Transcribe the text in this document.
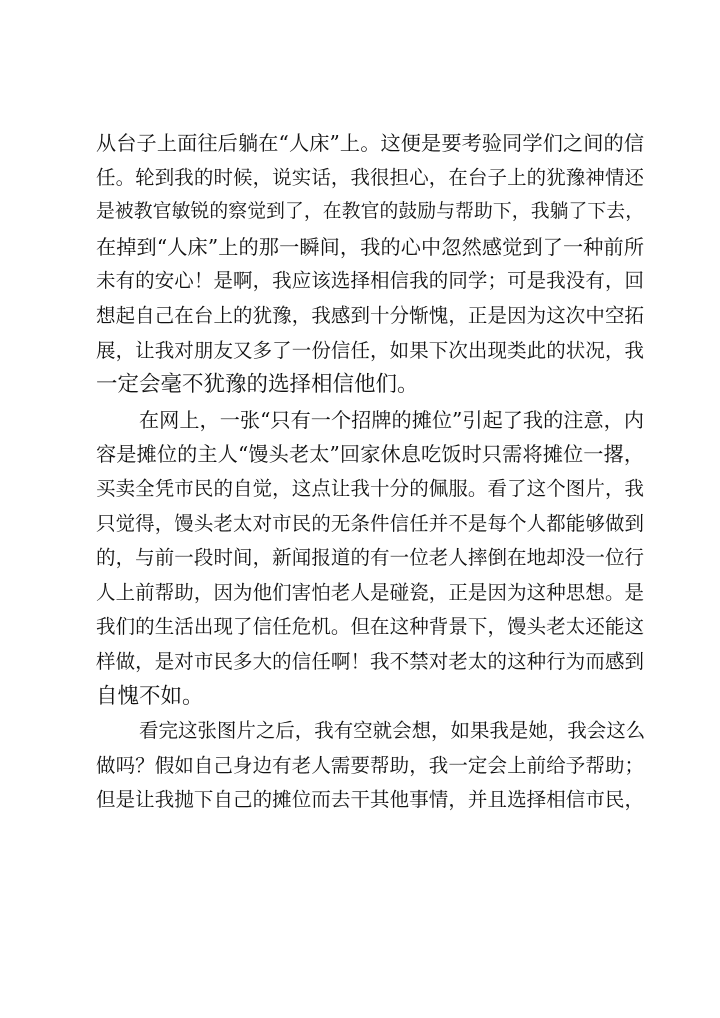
从台子上面往后躺在“人床”上。这便是要考验同学们之间的信
任。轮到我的时候，说实话，我很担心，在台子上的犹豫神情还
是被教官敏锐的察觉到了，在教官的鼓励与帮助下，我躺了下去，
在掉到“人床”上的那一瞬间，我的心中忽然感觉到了一种前所
未有的安心！是啊，我应该选择相信我的同学；可是我没有，回
想起自己在台上的犹豫，我感到十分惭愧，正是因为这次中空拓
展，让我对朋友又多了一份信任，如果下次出现类此的状况，我
一定会毫不犹豫的选择相信他们。
在网上，一张“只有一个招牌的摊位”引起了我的注意，内
容是摊位的主人“馒头老太”回家休息吃饭时只需将摊位一撂，
买卖全凭市民的自觉，这点让我十分的佩服。看了这个图片，我
只觉得，馒头老太对市民的无条件信任并不是每个人都能够做到
的，与前一段时间，新闻报道的有一位老人摔倒在地却没一位行
人上前帮助，因为他们害怕老人是碰瓷，正是因为这种思想。是
我们的生活出现了信任危机。但在这种背景下，馒头老太还能这
样做，是对市民多大的信任啊！我不禁对老太的这种行为而感到
自愧不如。
看完这张图片之后，我有空就会想，如果我是她，我会这么
做吗？假如自己身边有老人需要帮助，我一定会上前给予帮助；
但是让我抛下自己的摊位而去干其他事情，并且选择相信市民，
